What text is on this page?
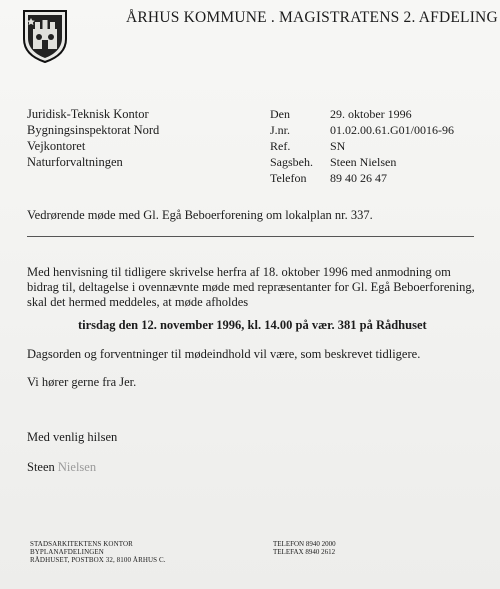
ÅRHUS KOMMUNE . MAGISTRATENS 2. AFDELING
Juridisk-Teknisk Kontor
Bygningsinspektorat Nord
Vejkontoret
Naturforvaltningen
Den	29. oktober 1996
J.nr.	01.02.00.61.G01/0016-96
Ref.	SN
Sagsbeh.	Steen Nielsen
Telefon	89 40 26 47
Vedrørende møde med Gl. Egå Beboerforening om lokalplan nr. 337.
Med henvisning til tidligere skrivelse herfra af 18. oktober 1996 med anmodning om bidrag til, deltagelse i ovennævnte møde med repræsentanter for Gl. Egå Beboerforening, skal det hermed meddeles, at møde afholdes
tirsdag den 12. november 1996, kl. 14.00 på vær. 381 på Rådhuset
Dagsorden og forventninger til mødeindhold vil være, som beskrevet tidligere.
Vi hører gerne fra Jer.
Med venlig hilsen
Steen Nielsen
STADSARKITEKTENS KONTOR
BYPLANAFDELINGEN
RÅDHUSET, POSTBOX 32, 8100 ÅRHUS C.
TELEFON 8940 2000
TELEFAX 8940 2612
